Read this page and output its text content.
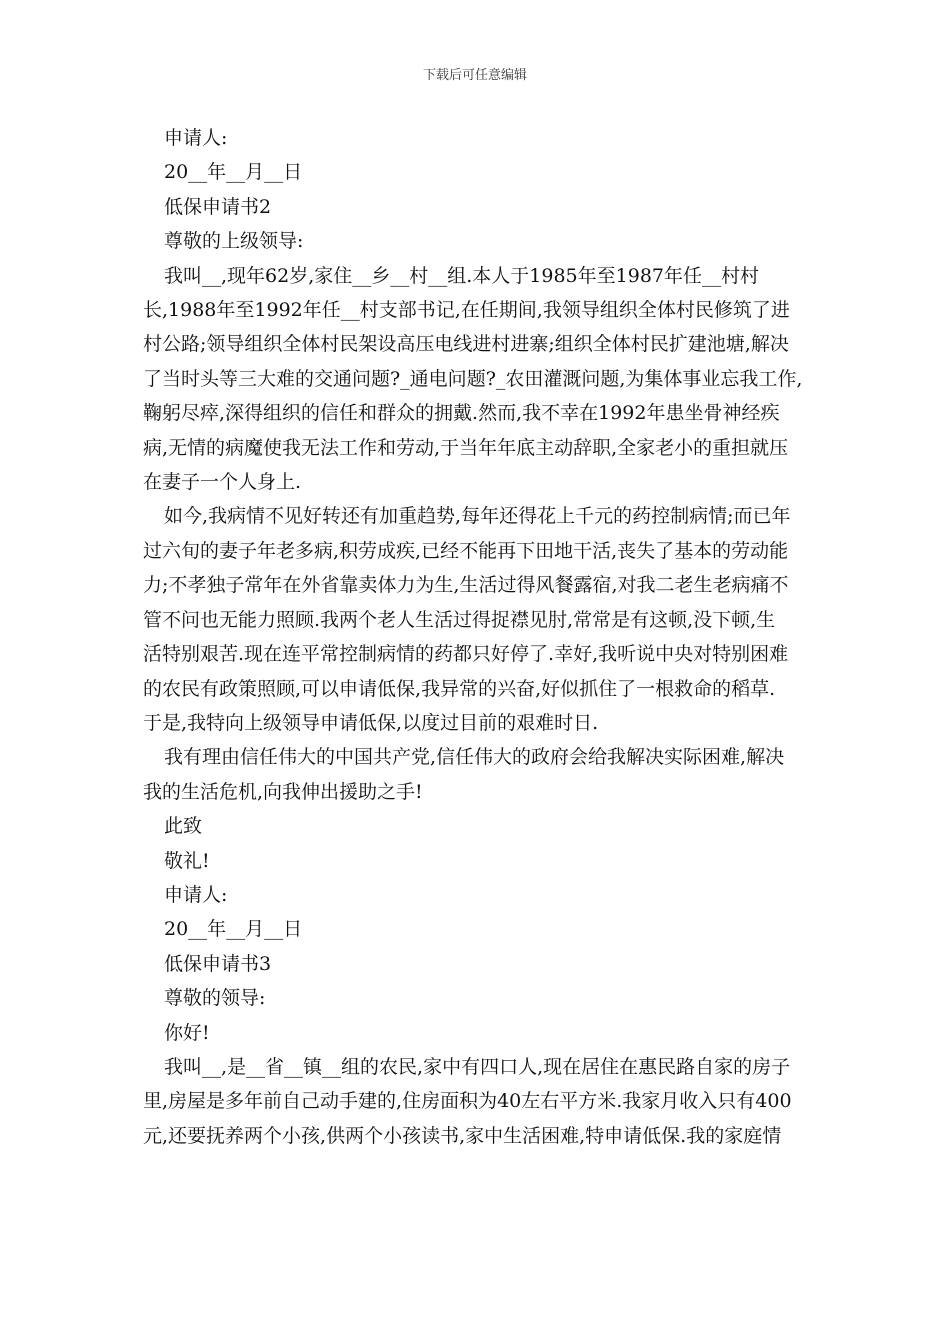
下载后可任意编辑

申请人:

20__年__月__日

低保申请书2

尊敬的上级领导:

我叫__,现年62岁,家住__乡__村__组.本人于1985年至1987年任__村村

长,1988年至1992年任__村支部书记,在任期间,我领导组织全体村民修筑了进

村公路;领导组织全体村民架设高压电线进村进寨;组织全体村民扩建池塘,解决

了当时头等三大难的交通问题?_通电问题?_农田灌溉问题,为集体事业忘我工作,

鞠躬尽瘁,深得组织的信任和群众的拥戴.然而,我不幸在1992年患坐骨神经疾

病,无情的病魔使我无法工作和劳动,于当年年底主动辞职,全家老小的重担就压

在妻子一个人身上.

如今,我病情不见好转还有加重趋势,每年还得花上千元的药控制病情;而已年

过六旬的妻子年老多病,积劳成疾,已经不能再下田地干活,丧失了基本的劳动能

力;不孝独子常年在外省靠卖体力为生,生活过得风餐露宿,对我二老生老病痛不

管不问也无能力照顾.我两个老人生活过得捉襟见肘,常常是有这顿,没下顿,生

活特别艰苦.现在连平常控制病情的药都只好停了.幸好,我听说中央对特别困难

的农民有政策照顾,可以申请低保,我异常的兴奋,好似抓住了一根救命的稻草.

于是,我特向上级领导申请低保,以度过目前的艰难时日.

我有理由信任伟大的中国共产党,信任伟大的政府会给我解决实际困难,解决

我的生活危机,向我伸出援助之手!

此致

敬礼!

申请人:

20__年__月__日

低保申请书3

尊敬的领导:

你好!

我叫__,是__省__镇__组的农民,家中有四口人,现在居住在惠民路自家的房子

里,房屋是多年前自己动手建的,住房面积为40左右平方米.我家月收入只有400

元,还要抚养两个小孩,供两个小孩读书,家中生活困难,特申请低保.我的家庭情
